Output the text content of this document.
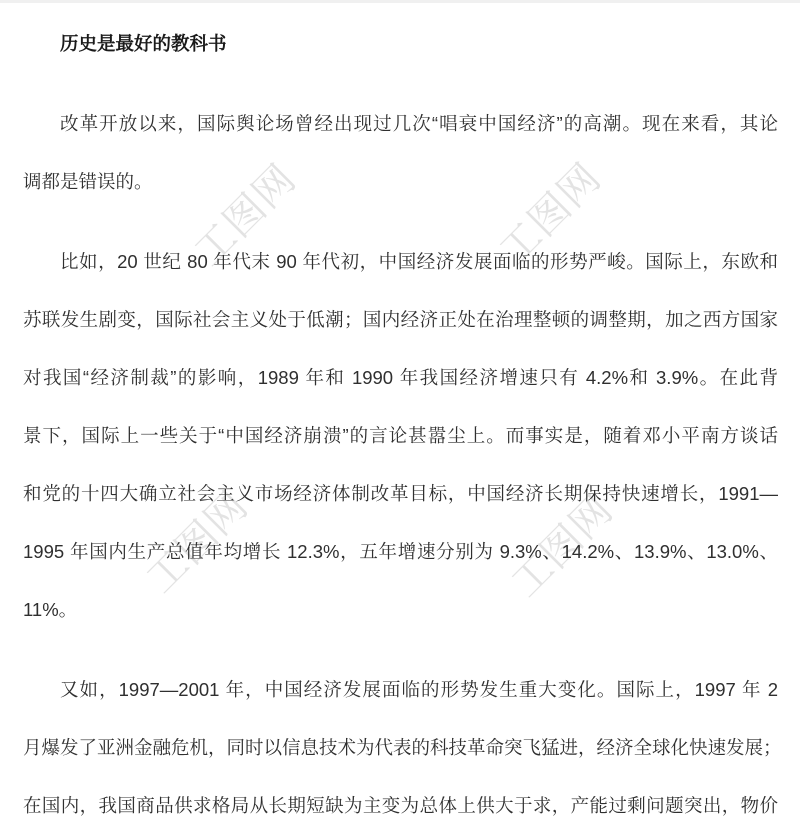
工图网	工图网
工图网	工图网
历史是最好的教科书
改革开放以来，国际舆论场曾经出现过几次“唱衰中国经济”的高潮。现在来看，其论
调都是错误的。
比如，20 世纪 80 年代末 90 年代初，中国经济发展面临的形势严峻。国际上，东欧和
苏联发生剧变，国际社会主义处于低潮；国内经济正处在治理整顿的调整期，加之西方国家
对我国“经济制裁”的影响，1989 年和 1990 年我国经济增速只有 4.2%和 3.9%。在此背
景下，国际上一些关于“中国经济崩溃”的言论甚嚣尘上。而事实是，随着邓小平南方谈话
和党的十四大确立社会主义市场经济体制改革目标，中国经济长期保持快速增长，1991—
1995 年国内生产总值年均增长 12.3%，五年增速分别为 9.3%、14.2%、13.9%、13.0%、
11%。
又如，1997—2001 年，中国经济发展面临的形势发生重大变化。国际上，1997 年 2
月爆发了亚洲金融危机，同时以信息技术为代表的科技革命突飞猛进，经济全球化快速发展；
在国内，我国商品供求格局从长期短缺为主变为总体上供大于求，产能过剩问题突出，物价
